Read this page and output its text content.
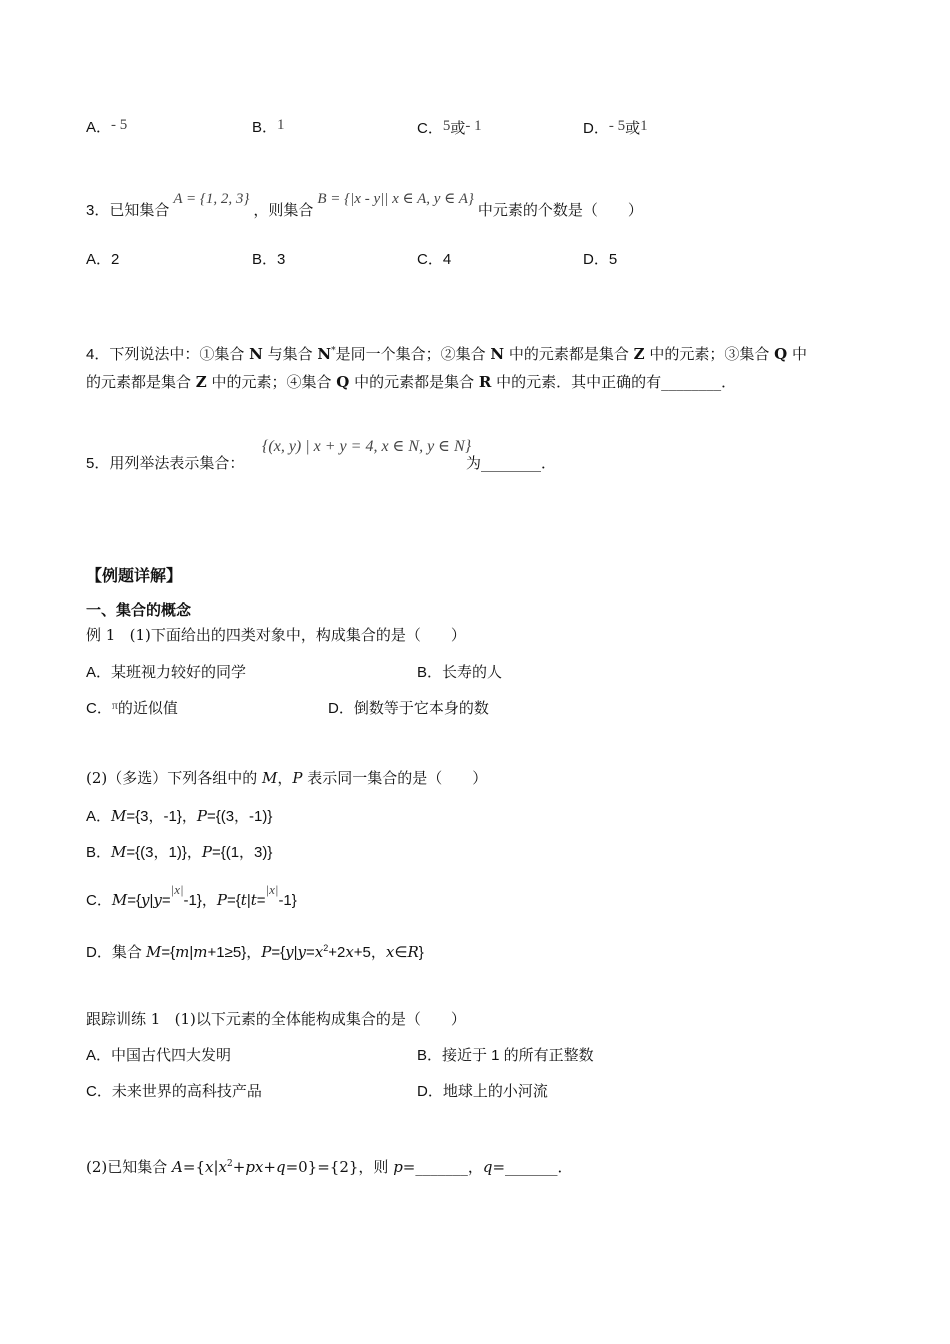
A．- 5	B．1	C．5或- 1	D．- 5或1
3．已知集合A = {1, 2, 3}，则集合B = {|x - y|| x ∈ A, y ∈ A}中元素的个数是（　　）
A．2	B．3	C．4	D．5
4．下列说法中：①集合 N 与集合 N*是同一个集合；②集合 N 中的元素都是集合 Z 中的元素；③集合 Q 中
的元素都是集合 Z 中的元素；④集合 Q 中的元素都是集合 R 中的元素．其中正确的有________．
5．用列举法表示集合：
{(x, y) | x + y = 4, x ∈ N, y ∈ N}
为________．
【例题详解】
一、集合的概念
例 1 (1)下面给出的四类对象中，构成集合的是（　　）
A．某班视力较好的同学	B．长寿的人
C．$^\pi$的近似值	D．倒数等于它本身的数
(2)（多选）下列各组中的 M，P 表示同一集合的是（　　）
A．M={3，-1}，P={(3，-1)}
B．M={(3，1)}，P={(1，3)}
C．M={y|y=|x|-1}，P={t|t=|x|-1}
D．集合 M={m|m+1≥5}，$P=\{y|y=x^2+2x+5$，x∈R}
跟踪训练 1 (1)以下元素的全体能构成集合的是（　　）
A．中国古代四大发明	B．接近于 1 的所有正整数
C．未来世界的高科技产品	D．地球上的小河流
(2)已知集合 $A=\{x|x^2+px+q=0\}=\{2\}$，则 p=_______，q=_______．
